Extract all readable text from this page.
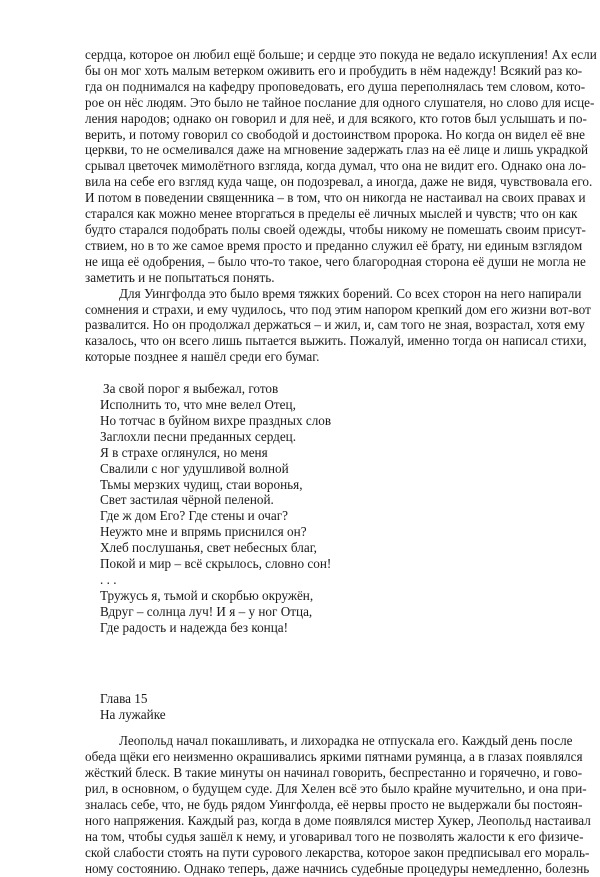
сердца, которое он любил ещё больше; и сердце это покуда не ведало искупления! Ах если
бы он мог хоть малым ветерком оживить его и пробудить в нём надежду! Всякий раз ко-
гда он поднимался на кафедру проповедовать, его душа переполнялась тем словом, кото-
рое он нёс людям. Это было не тайное послание для одного слушателя, но слово для исце-
ления народов; однако он говорил и для неё, и для всякого, кто готов был услышать и по-
верить, и потому говорил со свободой и достоинством пророка. Но когда он видел её вне
церкви, то не осмеливался даже на мгновение задержать глаз на её лице и лишь украдкой
срывал цветочек мимолётного взгляда, когда думал, что она не видит его. Однако она ло-
вила на себе его взгляд куда чаще, он подозревал, а иногда, даже не видя, чувствовала его.
И потом в поведении священника – в том, что он никогда не настаивал на своих правах и
старался как можно менее вторгаться в пределы её личных мыслей и чувств; что он как
будто старался подобрать полы своей одежды, чтобы никому не помешать своим присут-
ствием, но в то же самое время просто и преданно служил её брату, ни единым взглядом
не ища её одобрения, – было что-то такое, чего благородная сторона её души не могла не
заметить и не попытаться понять.
Для Уингфолда это было время тяжких борений. Со всех сторон на него напирали
сомнения и страхи, и ему чудилось, что под этим напором крепкий дом его жизни вот-вот
развалится. Но он продолжал держаться – и жил, и, сам того не зная, возрастал, хотя ему
казалось, что он всего лишь пытается выжить. Пожалуй, именно тогда он написал стихи,
которые позднее я нашёл среди его бумаг.
За свой порог я выбежал, готов
Исполнить то, что мне велел Отец,
Но тотчас в буйном вихре праздных слов
Заглохли песни преданных сердец.
Я в страхе оглянулся, но меня
Свалили с ног удушливой волной
Тьмы мерзких чудищ, стаи воронья,
Свет застилая чёрной пеленой.
Где ж дом Его? Где стены и очаг?
Неужто мне и впрямь приснился он?
Хлеб послушанья, свет небесных благ,
Покой и мир – всё скрылось, словно сон!
. . .
Тружусь я, тьмой и скорбью окружён,
Вдруг – солнца луч! И я – у ног Отца,
Где радость и надежда без конца!
Глава 15
На лужайке
Леопольд начал покашливать, и лихорадка не отпускала его. Каждый день после
обеда щёки его неизменно окрашивались яркими пятнами румянца, а в глазах появлялся
жёсткий блеск. В такие минуты он начинал говорить, беспрестанно и горячечно, и гово-
рил, в основном, о будущем суде. Для Хелен всё это было крайне мучительно, и она при-
зналась себе, что, не будь рядом Уингфолда, её нервы просто не выдержали бы постоян-
ного напряжения. Каждый раз, когда в доме появлялся мистер Хукер, Леопольд настаивал
на том, чтобы судья зашёл к нему, и уговаривал того не позволять жалости к его физиче-
ской слабости стоять на пути сурового лекарства, которое закон предписывал его мораль-
ному состоянию. Однако теперь, даже начнись судебные процедуры немедленно, болезнь
